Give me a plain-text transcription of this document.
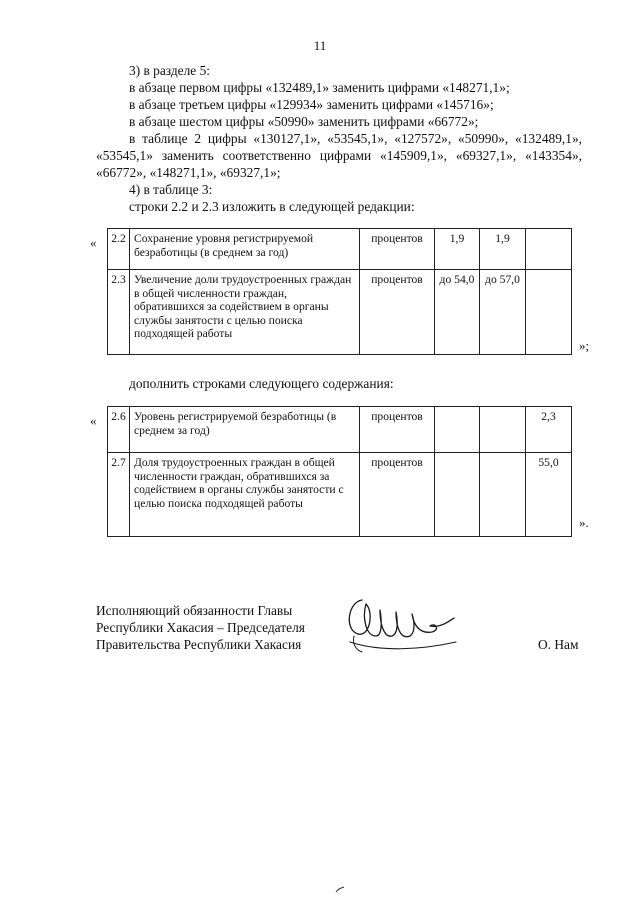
11
3) в разделе 5:
в абзаце первом цифры «132489,1» заменить цифрами «148271,1»;
в абзаце третьем цифры «129934» заменить цифрами «145716»;
в абзаце шестом цифры «50990» заменить цифрами «66772»;
в таблице 2 цифры «130127,1», «53545,1», «127572», «50990», «132489,1»,
«53545,1» заменить соответственно цифрами «145909,1», «69327,1», «143354»,
«66772», «148271,1», «69327,1»;
4) в таблице 3:
строки 2.2 и 2.3 изложить в следующей редакции:
« 2.2	Сохранение уровня регистрируемой безработицы (в среднем за год)	процентов	1,9	1,9	
2.3	Увеличение доли трудоустроенных граждан в общей численности граждан, обратившихся за содействием в органы службы занятости с целью поиска подходящей работы	процентов	до 54,0	до 57,0	
»;
дополнить строками следующего содержания:
« 2.6	Уровень регистрируемой безработицы (в среднем за год)	процентов			2,3
2.7	Доля трудоустроенных граждан в общей численности граждан, обратившихся за содействием в органы службы занятости с целью поиска подходящей работы	процентов			55,0
».
Исполняющий обязанности Главы
Республики Хакасия – Председателя
Правительства Республики Хакасия	О. Нам
